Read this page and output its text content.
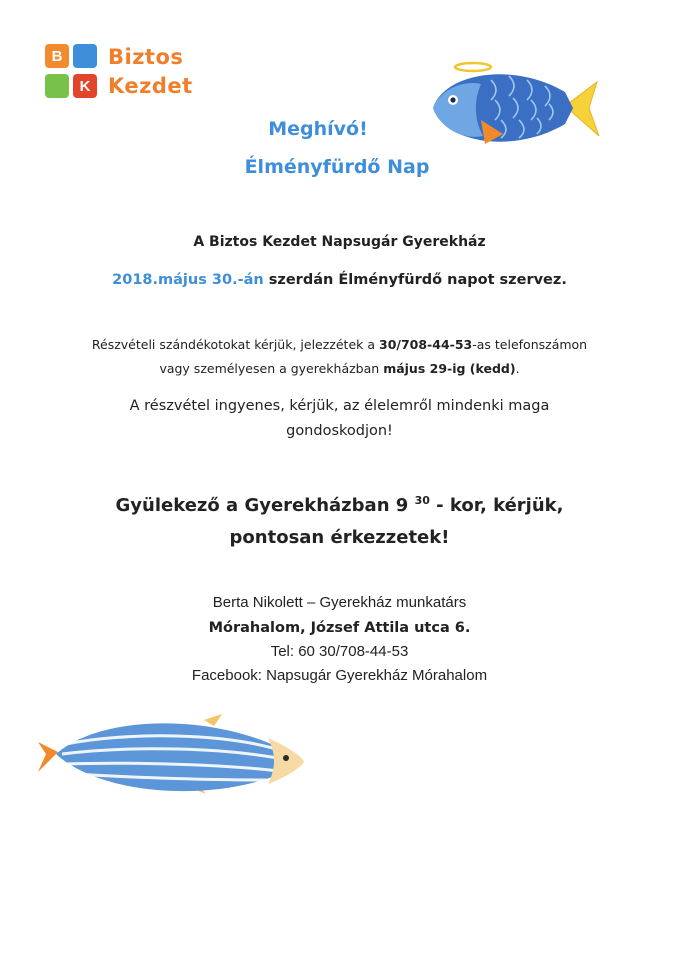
B
K
Biztos
Kezdet
Meghívó!
Élményfürdő Nap
A Biztos Kezdet Napsugár Gyerekház
2018.május 30.-án szerdán Élményfürdő napot szervez.
Részvételi szándékotokat kérjük, jelezzétek a 30/708-44-53-as telefonszámon
vagy személyesen a gyerekházban május 29-ig (kedd).
A részvétel ingyenes, kérjük, az élelemről mindenki maga
gondoskodjon!
Gyülekező a Gyerekházban 9 $^{30}$ - kor, kérjük,
pontosan érkezzetek!
Berta Nikolett – Gyerekház munkatárs
Mórahalom, József Attila utca 6.
Tel: 60 30/708-44-53
Facebook: Napsugár Gyerekház Mórahalom
